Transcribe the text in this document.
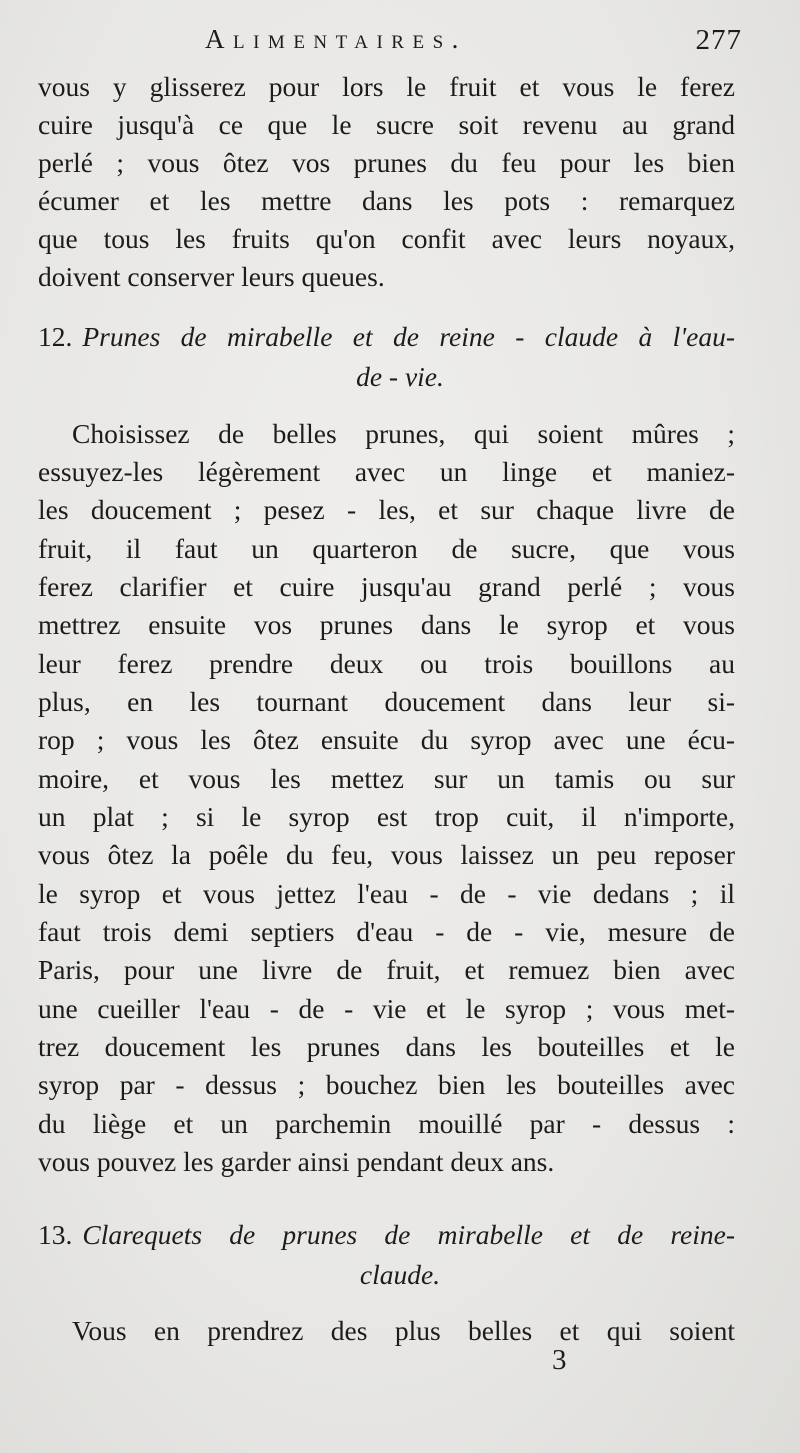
Alimentaires.	277
vous y glisserez pour lors le fruit et vous le ferez
cuire jusqu'à ce que le sucre soit revenu au grand
perlé ; vous ôtez vos prunes du feu pour les bien
écumer et les mettre dans les pots : remarquez
que tous les fruits qu'on confit avec leurs noyaux,
doivent conserver leurs queues.
12. Prunes de mirabelle et de reine - claude à l'eau-
de - vie.
Choisissez de belles prunes, qui soient mûres ;
essuyez-les légèrement avec un linge et maniez-
les doucement ; pesez - les, et sur chaque livre de
fruit, il faut un quarteron de sucre, que vous
ferez clarifier et cuire jusqu'au grand perlé ; vous
mettrez ensuite vos prunes dans le syrop et vous
leur ferez prendre deux ou trois bouillons au
plus, en les tournant doucement dans leur si-
rop ; vous les ôtez ensuite du syrop avec une écu-
moire, et vous les mettez sur un tamis ou sur
un plat ; si le syrop est trop cuit, il n'importe,
vous ôtez la poêle du feu, vous laissez un peu reposer
le syrop et vous jettez l'eau - de - vie dedans ; il
faut trois demi septiers d'eau - de - vie, mesure de
Paris, pour une livre de fruit, et remuez bien avec
une cueiller l'eau - de - vie et le syrop ; vous met-
trez doucement les prunes dans les bouteilles et le
syrop par - dessus ; bouchez bien les bouteilles avec
du liège et un parchemin mouillé par - dessus :
vous pouvez les garder ainsi pendant deux ans.
13. Clarequets de prunes de mirabelle et de reine-
claude.
Vous en prendrez des plus belles et qui soient
3
